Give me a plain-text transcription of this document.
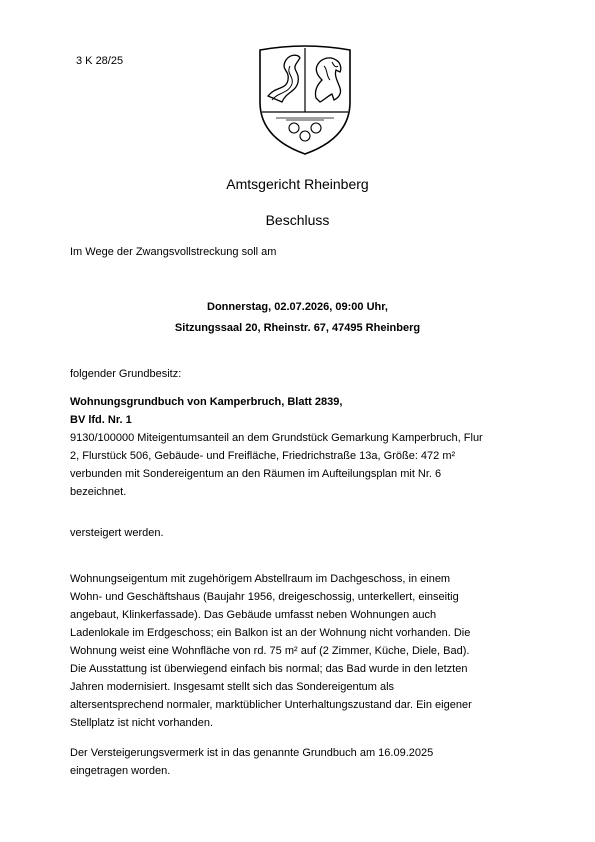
3 K 28/25
Amtsgericht Rheinberg
Beschluss
Im Wege der Zwangsvollstreckung soll am
Donnerstag, 02.07.2026, 09:00 Uhr,
Sitzungssaal 20, Rheinstr. 67, 47495 Rheinberg
folgender Grundbesitz:
Wohnungsgrundbuch von Kamperbruch, Blatt 2839,
BV lfd. Nr. 1
9130/100000 Miteigentumsanteil an dem Grundstück Gemarkung Kamperbruch, Flur
2, Flurstück 506, Gebäude- und Freifläche, Friedrichstraße 13a, Größe: 472 m²
verbunden mit Sondereigentum an den Räumen im Aufteilungsplan mit Nr. 6
bezeichnet.
versteigert werden.
Wohnungseigentum mit zugehörigem Abstellraum im Dachgeschoss, in einem
Wohn- und Geschäftshaus (Baujahr 1956, dreigeschossig, unterkellert, einseitig
angebaut, Klinkerfassade). Das Gebäude umfasst neben Wohnungen auch
Ladenlokale im Erdgeschoss; ein Balkon ist an der Wohnung nicht vorhanden. Die
Wohnung weist eine Wohnfläche von rd. 75 m² auf (2 Zimmer, Küche, Diele, Bad).
Die Ausstattung ist überwiegend einfach bis normal; das Bad wurde in den letzten
Jahren modernisiert. Insgesamt stellt sich das Sondereigentum als
altersentsprechend normaler, marktüblicher Unterhaltungszustand dar. Ein eigener
Stellplatz ist nicht vorhanden.
Der Versteigerungsvermerk ist in das genannte Grundbuch am 16.09.2025
eingetragen worden.
